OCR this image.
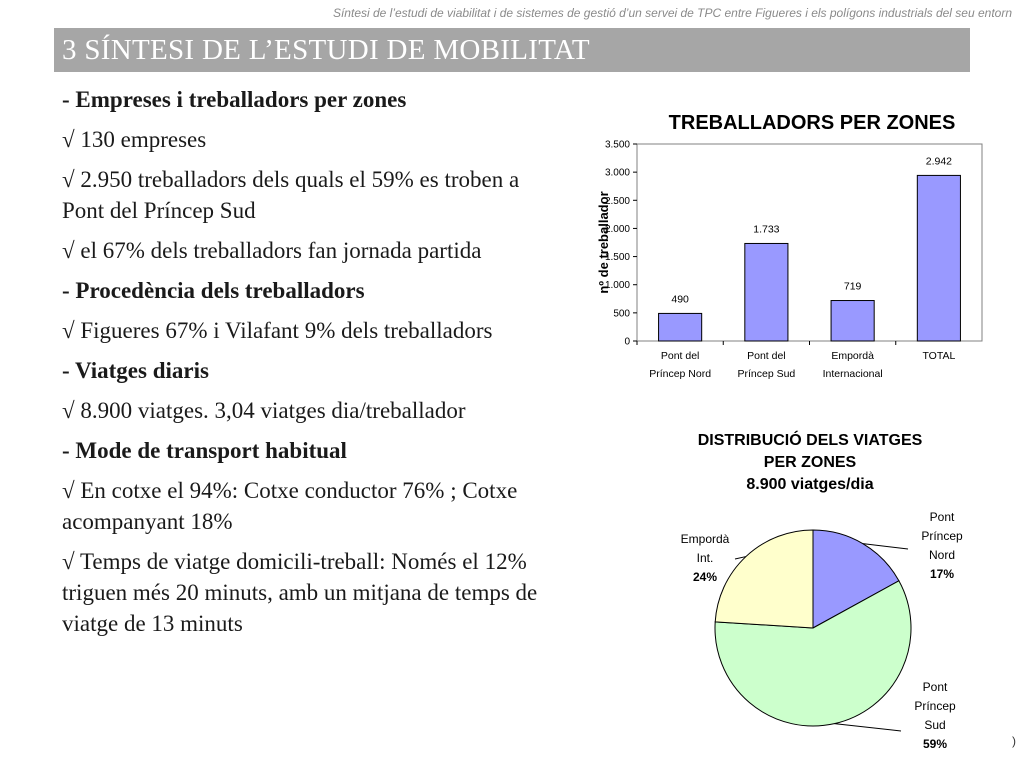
Síntesi de l’estudi de viabilitat i de sistemes de gestió d’un servei de TPC entre Figueres i els polígons industrials del seu entorn
3 SÍNTESI DE L’ESTUDI DE MOBILITAT
- Empreses i treballadors per zones
√ 130 empreses
√ 2.950 treballadors dels quals el 59% es troben a Pont del Príncep Sud
√ el 67% dels treballadors fan jornada partida
- Procedència dels treballadors
√ Figueres 67% i Vilafant 9% dels treballadors
- Viatges diaris
√ 8.900 viatges. 3,04 viatges dia/treballador
- Mode de transport habitual
√ En cotxe el 94%: Cotxe conductor 76% ; Cotxe acompanyant 18%
√ Temps de viatge domicili-treball: Només el 12% triguen més 20 minuts, amb un mitjana de temps de viatge de 13 minuts
TREBALLADORS PER ZONES
nº de treballador
0
500
1.000
1.500
2.000
2.500
3.000
3.500
490
Pont del
Príncep Nord
1.733
Pont del
Príncep Sud
719
Empordà
Internacional
2.942
TOTAL
DISTRIBUCIÓ DELS VIATGES
PER ZONES
8.900 viatges/dia
Pont
Príncep
Nord
17%
Pont
Príncep
Sud
59%
Empordà
Int.
24%
)
